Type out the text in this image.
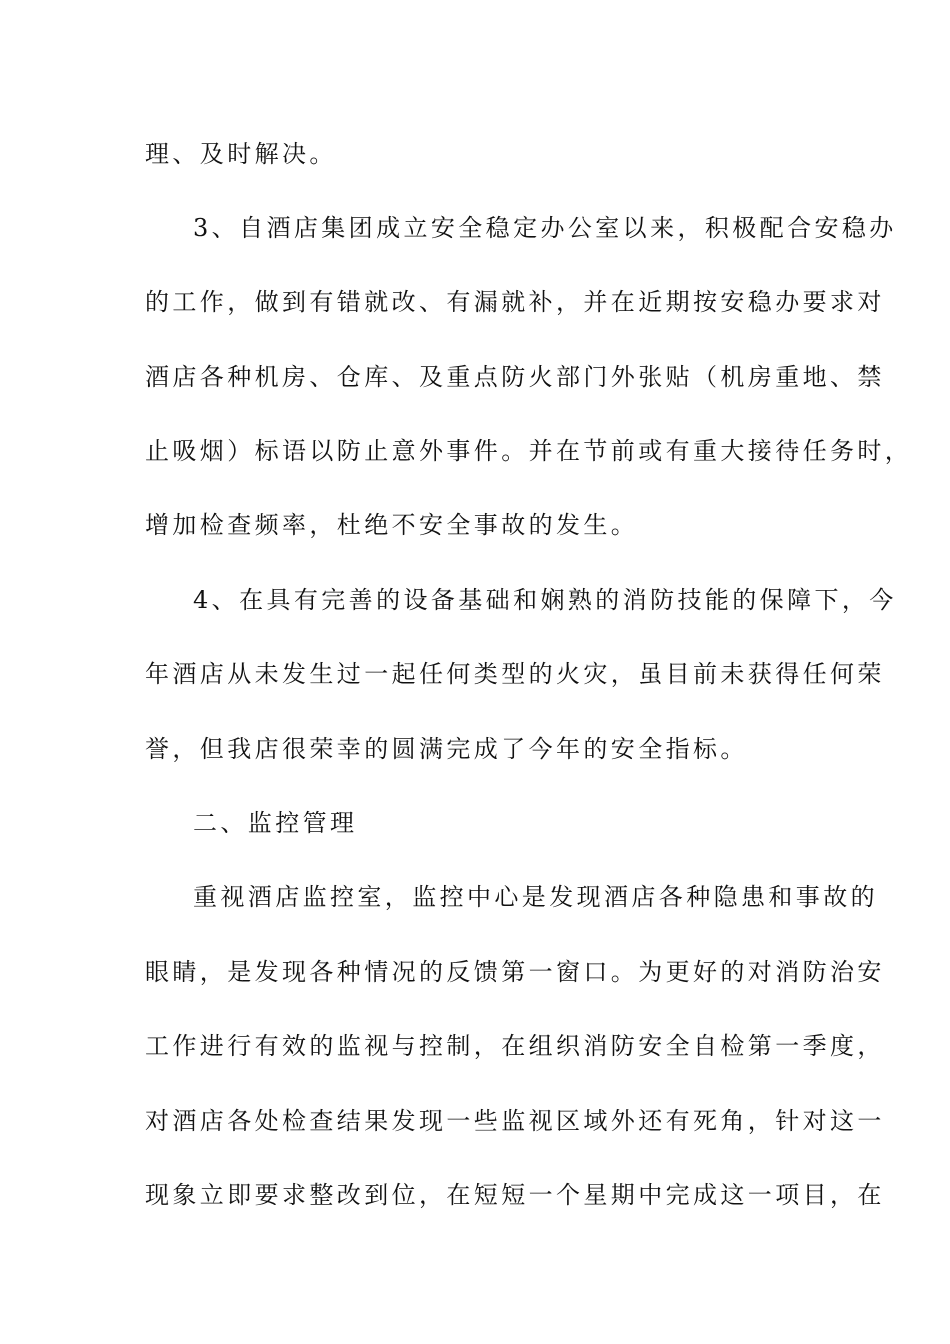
理、及时解决。
3、自酒店集团成立安全稳定办公室以来，积极配合安稳办
的工作，做到有错就改、有漏就补，并在近期按安稳办要求对
酒店各种机房、仓库、及重点防火部门外张贴（机房重地、禁
止吸烟）标语以防止意外事件。并在节前或有重大接待任务时，
增加检查频率，杜绝不安全事故的发生。
4、在具有完善的设备基础和娴熟的消防技能的保障下，今
年酒店从未发生过一起任何类型的火灾，虽目前未获得任何荣
誉，但我店很荣幸的圆满完成了今年的安全指标。
二、监控管理
重视酒店监控室，监控中心是发现酒店各种隐患和事故的
眼睛，是发现各种情况的反馈第一窗口。为更好的对消防治安
工作进行有效的监视与控制，在组织消防安全自检第一季度，
对酒店各处检查结果发现一些监视区域外还有死角，针对这一
现象立即要求整改到位，在短短一个星期中完成这一项目，在
